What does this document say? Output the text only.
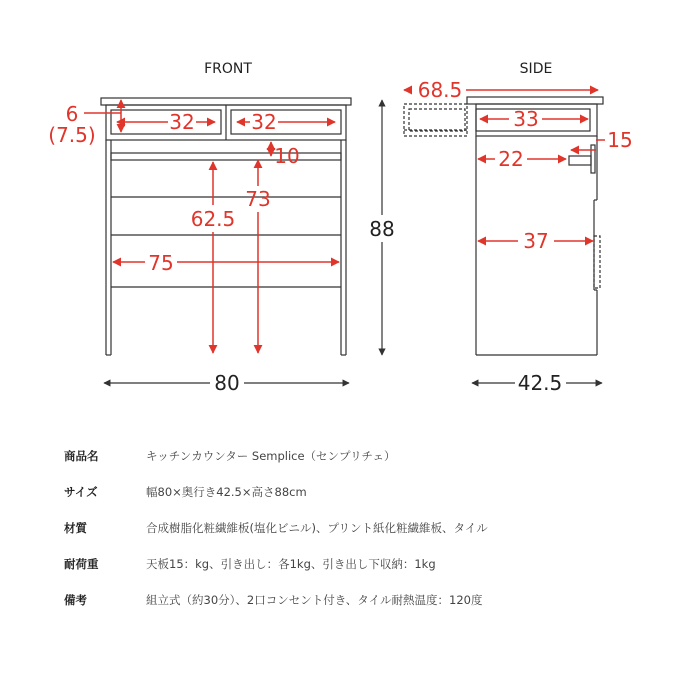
FRONT
6
(7.5)
32	32
10
73
62.5
75
88
80
SIDE
68.5
33
15
22
37
42.5
商品名	キッチンカウンター Semplice（センプリチェ）
サイズ	幅80×奥行き42.5×高さ88cm
材質	合成樹脂化粧繊維板(塩化ビニル)、プリント紙化粧繊維板、タイル
耐荷重	天板15：kg、引き出し：各1kg、引き出し下収納：1kg
備考	組立式（約30分）、2口コンセント付き、タイル耐熱温度：120度
